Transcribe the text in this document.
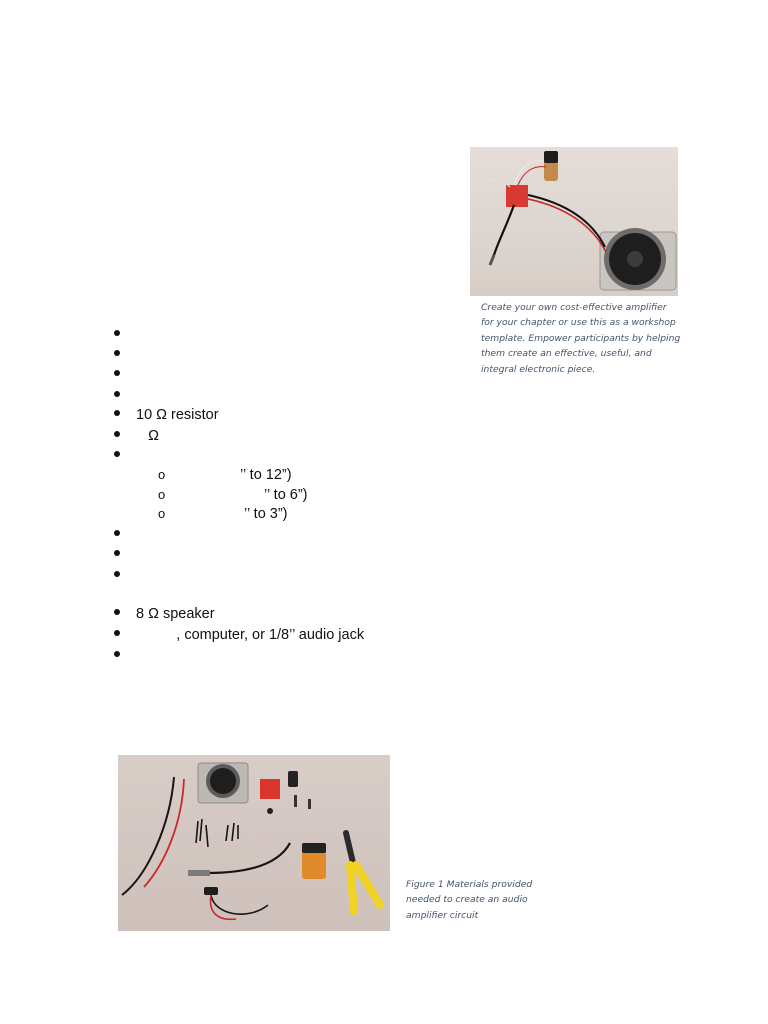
Create your own cost-effective amplifier for your chapter or use this as a workshop template. Empower participants by helping them create an effective, useful, and integral electronic piece.
10 Ω resistor
Ω
o	’’ to 12”)
o	’’ to 6”)
o	’’ to 3”)
8 Ω speaker
, computer, or 1/8’’ audio jack
Figure 1 Materials provided needed to create an audio amplifier circuit
